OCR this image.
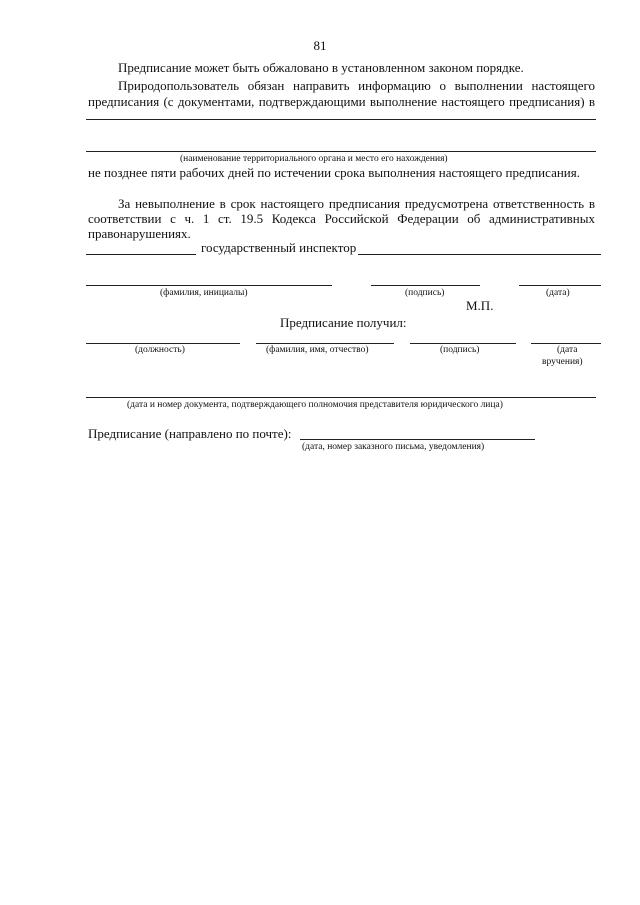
81
Предписание может быть обжаловано в установленном законом порядке.
Природопользователь обязан направить информацию о выполнении настоящего
предписания (с документами, подтверждающими выполнение настоящего предписания) в
(наименование территориального органа и место его нахождения)
не позднее пяти рабочих дней по истечении срока выполнения настоящего предписания.
За невыполнение в срок настоящего предписания предусмотрена ответственность в
соответствии с ч. 1 ст. 19.5 Кодекса Российской Федерации об административных
правонарушениях.
государственный инспектор
(фамилия, инициалы)	(подпись)	(дата)
М.П.
Предписание получил:
(должность)	(фамилия, имя, отчество)	(подпись)	(дата
вручения)
(дата и номер документа, подтверждающего полномочия представителя юридического лица)
Предписание (направлено по почте):
(дата, номер заказного письма, уведомления)
